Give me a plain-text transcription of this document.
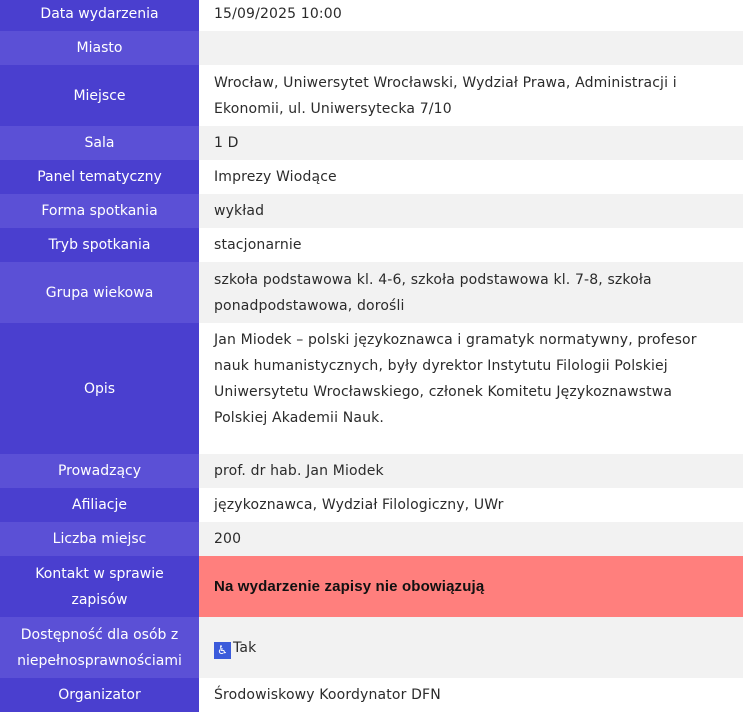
Data wydarzenia	15/09/2025 10:00
Miasto	
Miejsce	Wrocław, Uniwersytet Wrocławski, Wydział Prawa, Administracji i Ekonomii, ul. Uniwersytecka 7/10
Sala	1 D
Panel tematyczny	Imprezy Wiodące
Forma spotkania	wykład
Tryb spotkania	stacjonarnie
Grupa wiekowa	szkoła podstawowa kl. 4-6, szkoła podstawowa kl. 7-8, szkoła ponadpodstawowa, dorośli
Opis	Jan Miodek – polski językoznawca i gramatyk normatywny, profesor nauk humanistycznych, były dyrektor Instytutu Filologii Polskiej Uniwersytetu Wrocławskiego, członek Komitetu Językoznawstwa Polskiej Akademii Nauk.
Prowadzący	prof. dr hab. Jan Miodek
Afiliacje	językoznawca, Wydział Filologiczny, UWr
Liczba miejsc	200
Kontakt w sprawie zapisów	Na wydarzenie zapisy nie obowiązują
Dostępność dla osób z niepełnosprawnościami	♿ Tak
Organizator	Środowiskowy Koordynator DFN
